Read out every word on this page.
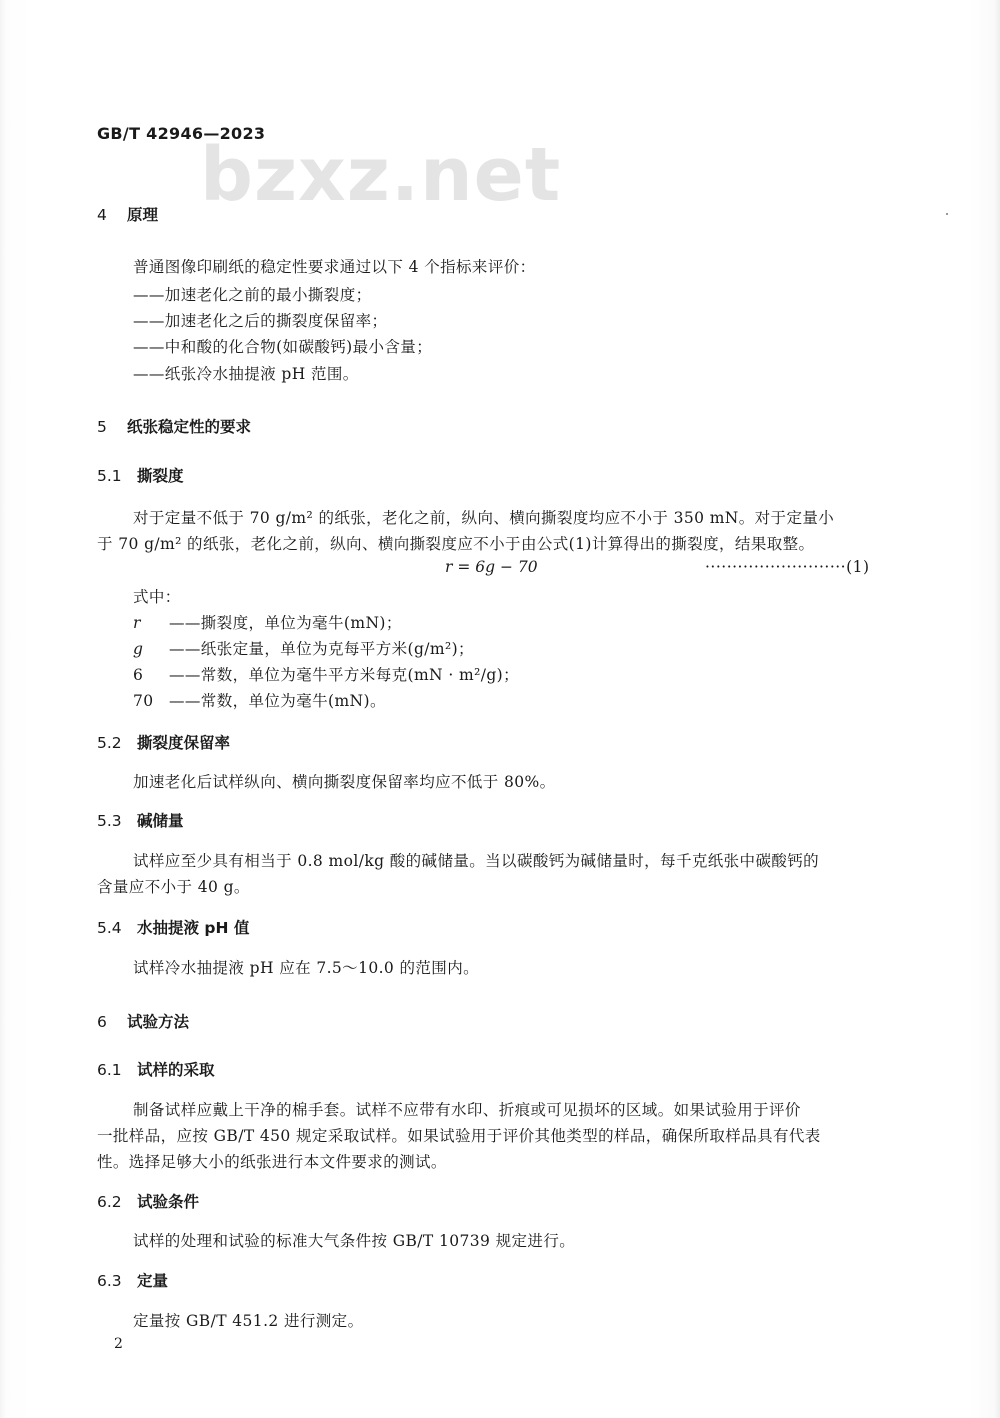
bzxz.net
GB/T 42946—2023
4 原理
普通图像印刷纸的稳定性要求通过以下 4 个指标来评价：
——加速老化之前的最小撕裂度；
——加速老化之后的撕裂度保留率；
——中和酸的化合物(如碳酸钙)最小含量；
——纸张冷水抽提液 pH 范围。
5 纸张稳定性的要求
5.1 撕裂度
对于定量不低于 70 g/m² 的纸张，老化之前，纵向、横向撕裂度均应不小于 350 mN。对于定量小
于 70 g/m² 的纸张，老化之前，纵向、横向撕裂度应不小于由公式(1)计算得出的撕裂度，结果取整。
r = 6g − 70	··························(1)
式中：
r ——撕裂度，单位为毫牛(mN)；
g ——纸张定量，单位为克每平方米(g/m²)；
6 ——常数，单位为毫牛平方米每克(mN · m²/g)；
70 ——常数，单位为毫牛(mN)。
5.2 撕裂度保留率
加速老化后试样纵向、横向撕裂度保留率均应不低于 80%。
5.3 碱储量
试样应至少具有相当于 0.8 mol/kg 酸的碱储量。当以碳酸钙为碱储量时，每千克纸张中碳酸钙的
含量应不小于 40 g。
5.4 水抽提液 pH 值
试样冷水抽提液 pH 应在 7.5～10.0 的范围内。
6 试验方法
6.1 试样的采取
制备试样应戴上干净的棉手套。试样不应带有水印、折痕或可见损坏的区域。如果试验用于评价
一批样品，应按 GB/T 450 规定采取试样。如果试验用于评价其他类型的样品，确保所取样品具有代表
性。选择足够大小的纸张进行本文件要求的测试。
6.2 试验条件
试样的处理和试验的标准大气条件按 GB/T 10739 规定进行。
6.3 定量
定量按 GB/T 451.2 进行测定。
2
